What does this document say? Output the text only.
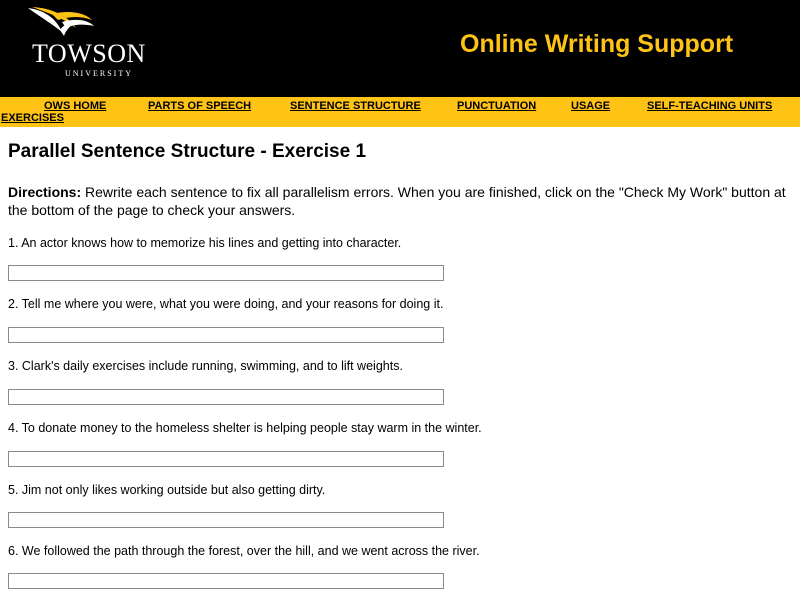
TOWSON
UNIVERSITY
Online Writing Support
OWS HOME	PARTS OF SPEECH	SENTENCE STRUCTURE	PUNCTUATION	USAGE	SELF-TEACHING UNITS
EXERCISES
Parallel Sentence Structure - Exercise 1
Directions: Rewrite each sentence to fix all parallelism errors. When you are finished, click on the "Check My Work" button at the bottom of the page to check your answers.
1. An actor knows how to memorize his lines and getting into character.
2. Tell me where you were, what you were doing, and your reasons for doing it.
3. Clark's daily exercises include running, swimming, and to lift weights.
4. To donate money to the homeless shelter is helping people stay warm in the winter.
5. Jim not only likes working outside but also getting dirty.
6. We followed the path through the forest, over the hill, and we went across the river.
